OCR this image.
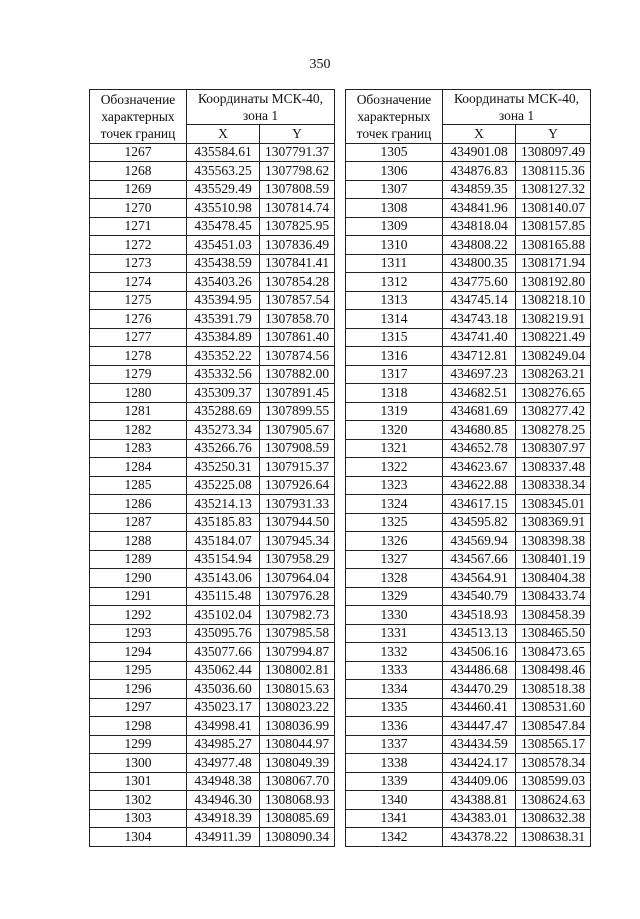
350
Обозначение
характерных
точек границ	Координаты МСК-40,
зона 1	

	X	Y
1267	435584.61	1307791.37
1268	435563.25	1307798.62
1269	435529.49	1307808.59
1270	435510.98	1307814.74
1271	435478.45	1307825.95
1272	435451.03	1307836.49
1273	435438.59	1307841.41
1274	435403.26	1307854.28
1275	435394.95	1307857.54
1276	435391.79	1307858.70
1277	435384.89	1307861.40
1278	435352.22	1307874.56
1279	435332.56	1307882.00
1280	435309.37	1307891.45
1281	435288.69	1307899.55
1282	435273.34	1307905.67
1283	435266.76	1307908.59
1284	435250.31	1307915.37
1285	435225.08	1307926.64
1286	435214.13	1307931.33
1287	435185.83	1307944.50
1288	435184.07	1307945.34
1289	435154.94	1307958.29
1290	435143.06	1307964.04
1291	435115.48	1307976.28
1292	435102.04	1307982.73
1293	435095.76	1307985.58
1294	435077.66	1307994.87
1295	435062.44	1308002.81
1296	435036.60	1308015.63
1297	435023.17	1308023.22
1298	434998.41	1308036.99
1299	434985.27	1308044.97
1300	434977.48	1308049.39
1301	434948.38	1308067.70
1302	434946.30	1308068.93
1303	434918.39	1308085.69
1304	434911.39	1308090.34
Обозначение
характерных
точек границ	Координаты МСК-40,
зона 1	

	X	Y
1305	434901.08	1308097.49
1306	434876.83	1308115.36
1307	434859.35	1308127.32
1308	434841.96	1308140.07
1309	434818.04	1308157.85
1310	434808.22	1308165.88
1311	434800.35	1308171.94
1312	434775.60	1308192.80
1313	434745.14	1308218.10
1314	434743.18	1308219.91
1315	434741.40	1308221.49
1316	434712.81	1308249.04
1317	434697.23	1308263.21
1318	434682.51	1308276.65
1319	434681.69	1308277.42
1320	434680.85	1308278.25
1321	434652.78	1308307.97
1322	434623.67	1308337.48
1323	434622.88	1308338.34
1324	434617.15	1308345.01
1325	434595.82	1308369.91
1326	434569.94	1308398.38
1327	434567.66	1308401.19
1328	434564.91	1308404.38
1329	434540.79	1308433.74
1330	434518.93	1308458.39
1331	434513.13	1308465.50
1332	434506.16	1308473.65
1333	434486.68	1308498.46
1334	434470.29	1308518.38
1335	434460.41	1308531.60
1336	434447.47	1308547.84
1337	434434.59	1308565.17
1338	434424.17	1308578.34
1339	434409.06	1308599.03
1340	434388.81	1308624.63
1341	434383.01	1308632.38
1342	434378.22	1308638.31
